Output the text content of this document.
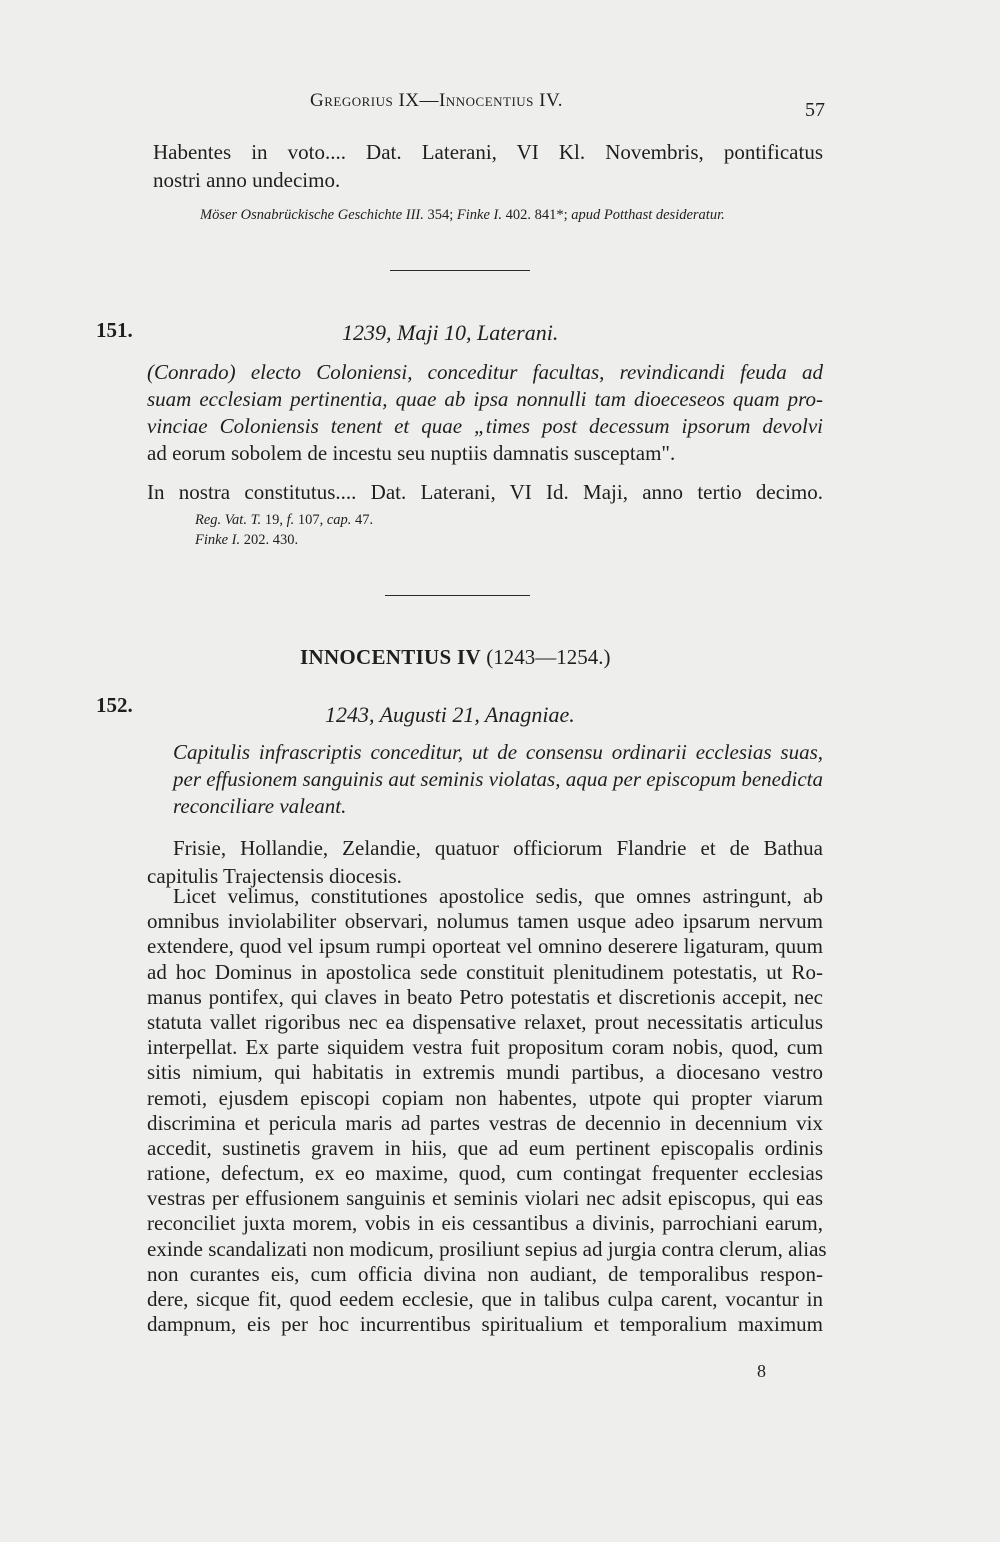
Gregorius IX—Innocentius IV.	57
Habentes in voto.... Dat. Laterani, VI Kl. Novembris, pontificatus
nostri anno undecimo.
Möser Osnabrückische Geschichte III. 354; Finke I. 402. 841*; apud Potthast desideratur.
151.	1239, Maji 10, Laterani.
(Conrado) electo Coloniensi, conceditur facultas, revindicandi feuda ad
suam ecclesiam pertinentia, quae ab ipsa nonnulli tam dioeceseos quam pro-
vinciae Coloniensis tenent et quae „times post decessum ipsorum devolvi
ad eorum sobolem de incestu seu nuptiis damnatis susceptam".
In nostra constitutus.... Dat. Laterani, VI Id. Maji, anno tertio decimo.
Reg. Vat. T. 19, f. 107, cap. 47.
Finke I. 202. 430.
INNOCENTIUS IV (1243—1254.)
152.	1243, Augusti 21, Anagniae.
Capitulis infrascriptis conceditur, ut de consensu ordinarii ecclesias suas,
per effusionem sanguinis aut seminis violatas, aqua per episcopum benedicta
reconciliare valeant.
Frisie, Hollandie, Zelandie, quatuor officiorum Flandrie et de Bathua
capitulis Trajectensis diocesis.
Licet velimus, constitutiones apostolice sedis, que omnes astringunt, ab
omnibus inviolabiliter observari, nolumus tamen usque adeo ipsarum nervum
extendere, quod vel ipsum rumpi oporteat vel omnino deserere ligaturam, quum
ad hoc Dominus in apostolica sede constituit plenitudinem potestatis, ut Ro-
manus pontifex, qui claves in beato Petro potestatis et discretionis accepit, nec
statuta vallet rigoribus nec ea dispensative relaxet, prout necessitatis articulus
interpellat. Ex parte siquidem vestra fuit propositum coram nobis, quod, cum
sitis nimium, qui habitatis in extremis mundi partibus, a diocesano vestro
remoti, ejusdem episcopi copiam non habentes, utpote qui propter viarum
discrimina et pericula maris ad partes vestras de decennio in decennium vix
accedit, sustinetis gravem in hiis, que ad eum pertinent episcopalis ordinis
ratione, defectum, ex eo maxime, quod, cum contingat frequenter ecclesias
vestras per effusionem sanguinis et seminis violari nec adsit episcopus, qui eas
reconciliet juxta morem, vobis in eis cessantibus a divinis, parrochiani earum,
exinde scandalizati non modicum, prosiliunt sepius ad jurgia contra clerum, alias
non curantes eis, cum officia divina non audiant, de temporalibus respon-
dere, sicque fit, quod eedem ecclesie, que in talibus culpa carent, vocantur in
dampnum, eis per hoc incurrentibus spiritualium et temporalium maximum
8
